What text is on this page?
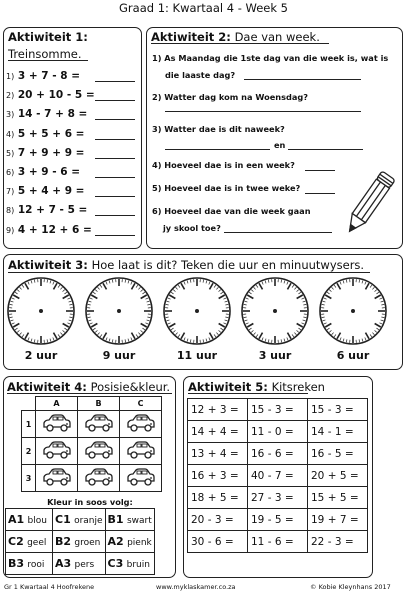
Graad 1: Kwartaal 4 - Week 5
Aktiwiteit 1:
Treinsomme.
1) 3 + 7 - 8 =
2) 20 + 10 - 5 =
3) 14 - 7 + 8 =
4) 5 + 5 + 6 =
5) 7 + 9 + 9 =
6) 3 + 9 - 6 =
7) 5 + 4 + 9 =
8) 12 + 7 - 5 =
9) 4 + 12 + 6 =
Aktiwiteit 2: Dae van week.
1) As Maandag die 1ste dag van die week is, wat is
die laaste dag?
2) Watter dag kom na Woensdag?
3) Watter dae is dit naweek?
en
4) Hoeveel dae is in een week?
5) Hoeveel dae is in twee weke?
6) Hoeveel dae van die week gaan
jy skool toe?
Aktiwiteit 3: Hoe laat is dit? Teken die uur en minuutwysers.
2 uur	9 uur	11 uur	3 uur	6 uur
Aktiwiteit 4: Posisie&kleur.
	A	B	C
1			
2			
3			
Kleur in soos volg:
A1 blou	C1 oranje	B1 swart
C2 geel	B2 groen	A2 pienk
B3 rooi	A3 pers	C3 bruin
Aktiwiteit 5: Kitsreken
12 + 3 =	15 - 3 =	15 - 3 =
14 + 4 =	11 - 0 =	14 - 1 =
13 + 4 =	16 - 6 =	16 - 5 =
16 + 3 =	40 - 7 =	20 + 5 =
18 + 5 =	27 - 3 =	15 + 5 =
20 - 3 =	19 - 5 =	19 + 7 =
30 - 6 =	11 - 6 =	22 - 3 =
Gr 1 Kwartaal 4 Hoofrekene	www.myklaskamer.co.za	© Kobie Kleynhans 2017
